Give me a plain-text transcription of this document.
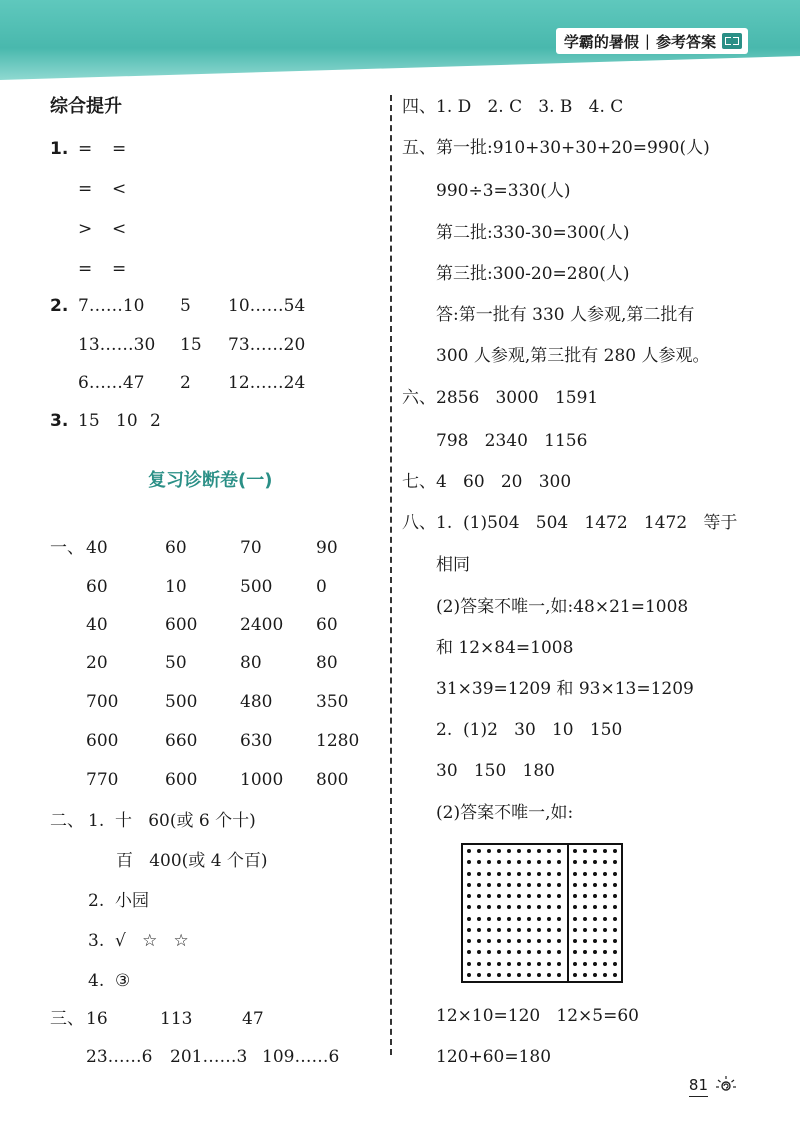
学霸的暑假 | 参考答案
综合提升
1. = =
= <
> <
= =
2. 7……10 5 10……54
13……30 15 73……20
6……47 2 12……24
3. 15 10 2
复习诊断卷(一)
一、 40	60	70	90
60	10	500	0
40	600	2400 60
20	50	80	80
700	500	480	350
600	660	630	1280
770	600	1000 800
二、 1.  十   60(或 6 个十)
百   400(或 4 个百)
2.  小园
3.  √   ☆   ☆
4.  ③
三、 16	113	47
23……6 201……3 109……6
四、1. D   2. C   3. B   4. C
五、第一批:910+30+30+20=990(人)
990÷3=330(人)
第二批:330-30=300(人)
第三批:300-20=280(人)
答:第一批有 330 人参观,第二批有
300 人参观,第三批有 280 人参观。
六、2856   3000   1591
798   2340   1156
七、4   60   20   300
八、1.  (1)504   504   1472   1472   等于
相同
(2)答案不唯一,如:48×21=1008
和 12×84=1008
31×39=1209 和 93×13=1209
2.  (1)2   30   10   150
30   150   180
(2)答案不唯一,如:
12×10=120   12×5=60
120+60=180
81
